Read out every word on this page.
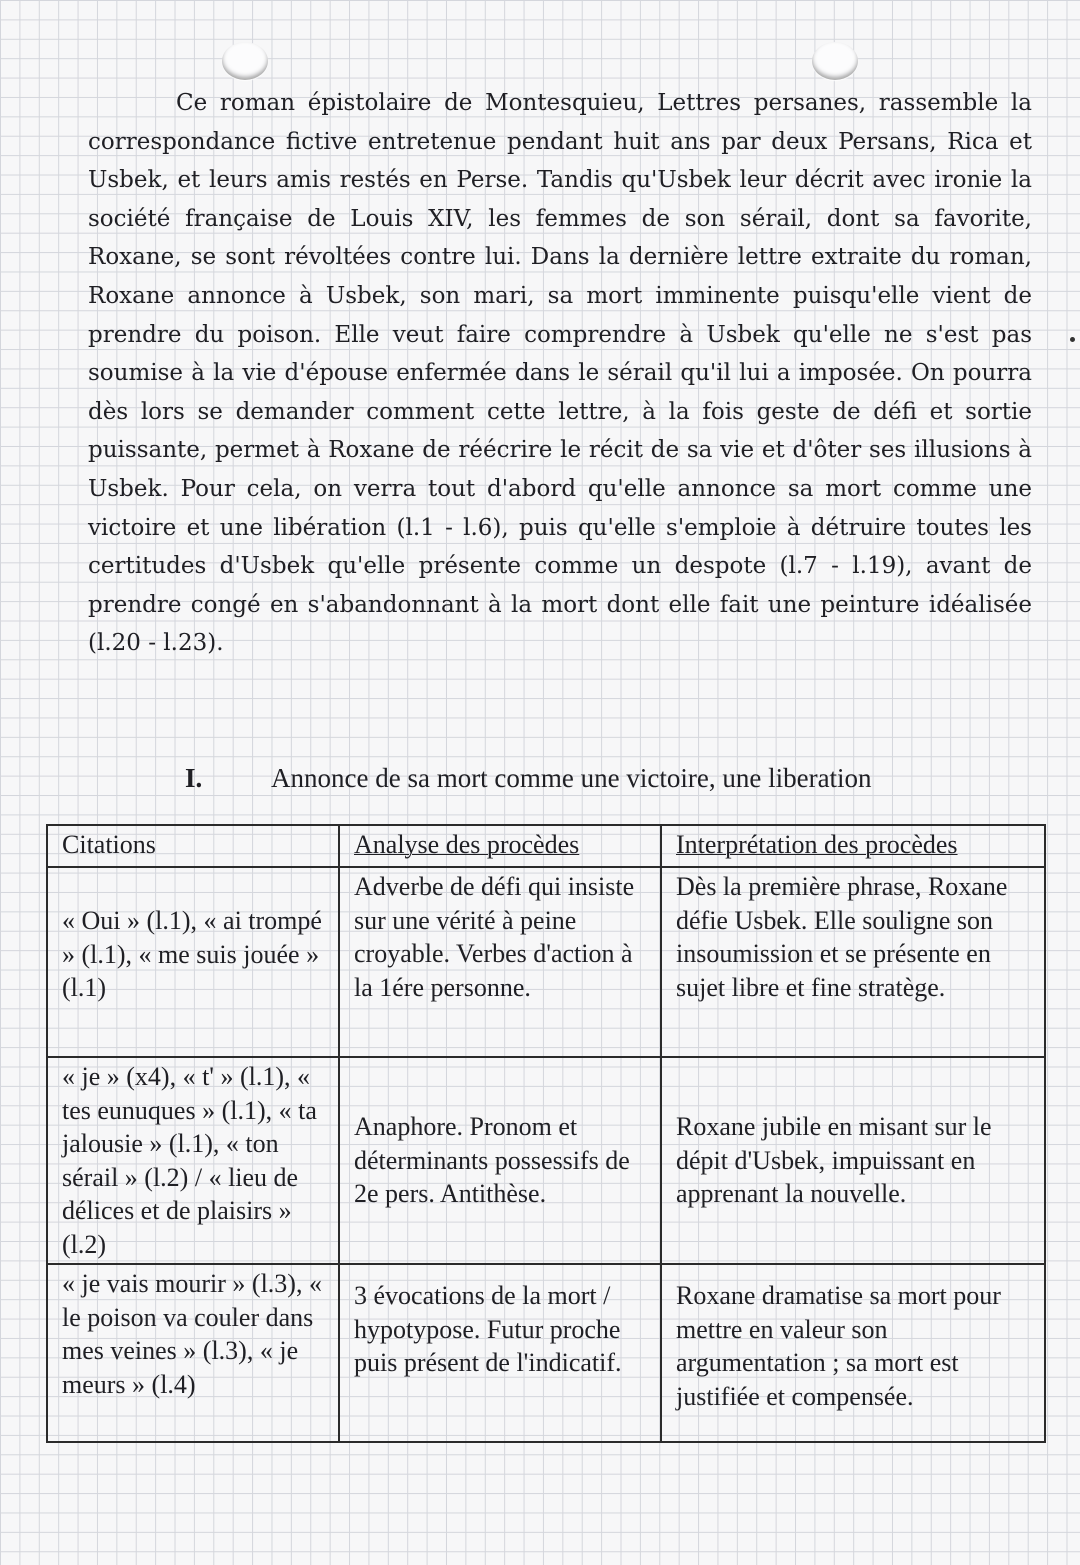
Ce roman épistolaire de Montesquieu, Lettres persanes, rassemble la correspondance fictive entretenue pendant huit ans par deux Persans, Rica et Usbek, et leurs amis restés en Perse. Tandis qu'Usbek leur décrit avec ironie la société française de Louis XIV, les femmes de son sérail, dont sa favorite, Roxane, se sont révoltées contre lui. Dans la dernière lettre extraite du roman, Roxane annonce à Usbek, son mari, sa mort imminente puisqu'elle vient de prendre du poison. Elle veut faire comprendre à Usbek qu'elle ne s'est pas soumise à la vie d'épouse enfermée dans le sérail qu'il lui a imposée. On pourra dès lors se demander comment cette lettre, à la fois geste de défi et sortie puissante, permet à Roxane de réécrire le récit de sa vie et d'ôter ses illusions à Usbek. Pour cela, on verra tout d'abord qu'elle annonce sa mort comme une victoire et une libération (l.1 - l.6), puis qu'elle s'emploie à détruire toutes les certitudes d'Usbek qu'elle présente comme un despote (l.7 - l.19), avant de prendre congé en s'abandonnant à la mort dont elle fait une peinture idéalisée (l.20 - l.23).
I.	Annonce de sa mort comme une victoire, une liberation
Citations	Analyse des procèdes	Interprétation des procèdes
« Oui » (l.1), « ai trompé » (l.1), « me suis jouée » (l.1)	Adverbe de défi qui insiste sur une vérité à peine croyable. Verbes d'action à la 1ére personne.	Dès la première phrase, Roxane défie Usbek. Elle souligne son insoumission et se présente en sujet libre et fine stratège.
« je » (x4), « t' » (l.1), « tes eunuques » (l.1), « ta jalousie » (l.1), « ton sérail » (l.2) / « lieu de délices et de plaisirs » (l.2)	Anaphore. Pronom et déterminants possessifs de 2e pers. Antithèse.	Roxane jubile en misant sur le dépit d'Usbek, impuissant en apprenant la nouvelle.
« je vais mourir » (l.3), « le poison va couler dans mes veines » (l.3), « je meurs » (l.4)	3 évocations de la mort / hypotypose. Futur proche puis présent de l'indicatif.	Roxane dramatise sa mort pour mettre en valeur son argumentation ; sa mort est justifiée et compensée.
